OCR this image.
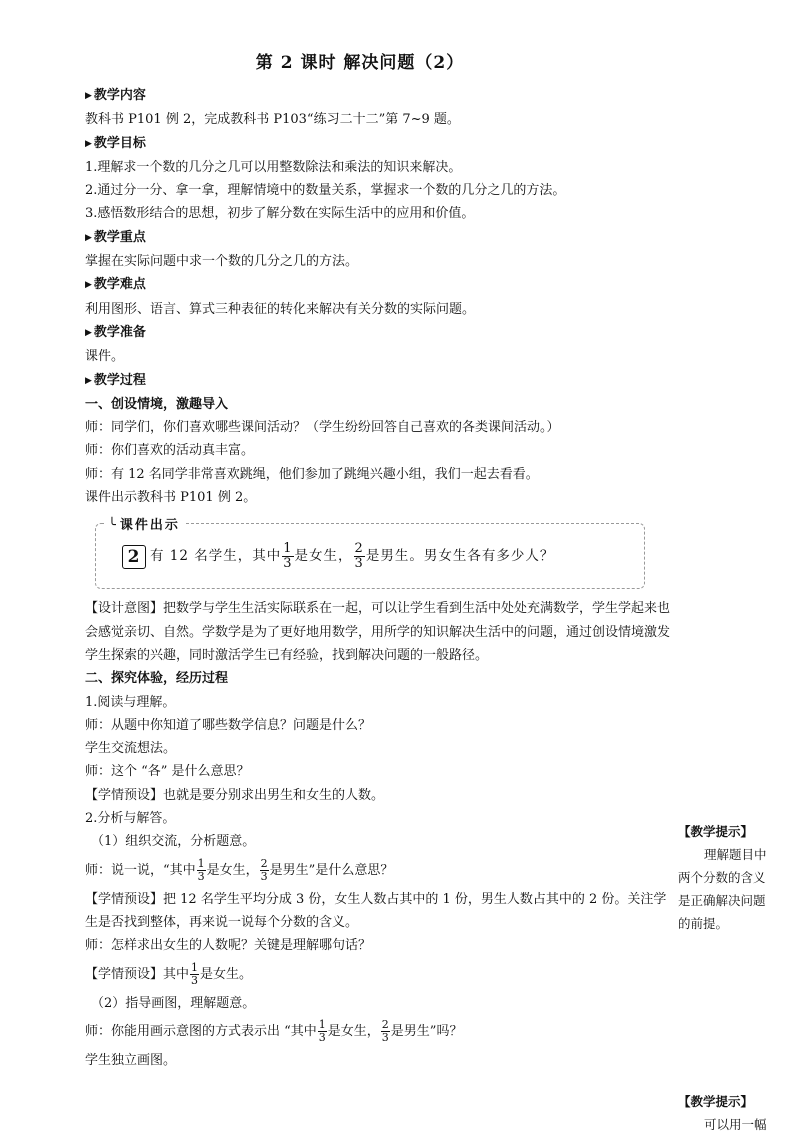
第 2 课时 解决问题（2）

▶ 教学内容

教科书 P101 例 2，完成教科书 P103“练习二十二”第 7~9 题。

▶ 教学目标

1.理解求一个数的几分之几可以用整数除法和乘法的知识来解决。

2.通过分一分、拿一拿，理解情境中的数量关系，掌握求一个数的几分之几的方法。

3.感悟数形结合的思想，初步了解分数在实际生活中的应用和价值。

▶ 教学重点

掌握在实际问题中求一个数的几分之几的方法。

▶ 教学难点

利用图形、语言、算式三种表征的转化来解决有关分数的实际问题。

▶ 教学准备

课件。

▶ 教学过程

一、创设情境，激趣导入

师：同学们，你们喜欢哪些课间活动？（学生纷纷回答自己喜欢的各类课间活动。）

师：你们喜欢的活动真丰富。

师：有 12 名同学非常喜欢跳绳，他们参加了跳绳兴趣小组，我们一起去看看。

课件出示教科书 P101 例 2。

╰ 课件出示
2 有 12 名学生，其中 $\frac{1}{3}$ 是女生， $\frac{2}{3}$ 是男生。男女生各有多少人？

【设计意图】把数学与学生生活实际联系在一起，可以让学生看到生活中处处充满数学，学生学起来也会感觉亲切、自然。学数学是为了更好地用数学，用所学的知识解决生活中的问题，通过创设情境激发学生探索的兴趣，同时激活学生已有经验，找到解决问题的一般路径。

二、探究体验，经历过程

1.阅读与理解。

师：从题中你知道了哪些数学信息？问题是什么？

学生交流想法。

师：这个 “各” 是什么意思？

【学情预设】也就是要分别求出男生和女生的人数。

2.分析与解答。

（1）组织交流，分析题意。

师：说一说，“其中 $\frac{1}{3}$ 是女生， $\frac{2}{3}$ 是男生”是什么意思？

【学情预设】把 12 名学生平均分成 3 份，女生人数占其中的 1 份，男生人数占其中的 2 份。关注学生是否找到整体，再来说一说每个分数的含义。

师：怎样求出女生的人数呢？关键是理解哪句话？

【学情预设】其中 $\frac{1}{3}$ 是女生。

（2）指导画图，理解题意。

师：你能用画示意图的方式表示出 “其中 $\frac{1}{3}$ 是女生， $\frac{2}{3}$ 是男生”吗？

学生独立画图。

【教学提示】
理解题目中两个分数的含义是正确解决问题的前提。
【教学提示】
可以用一幅
